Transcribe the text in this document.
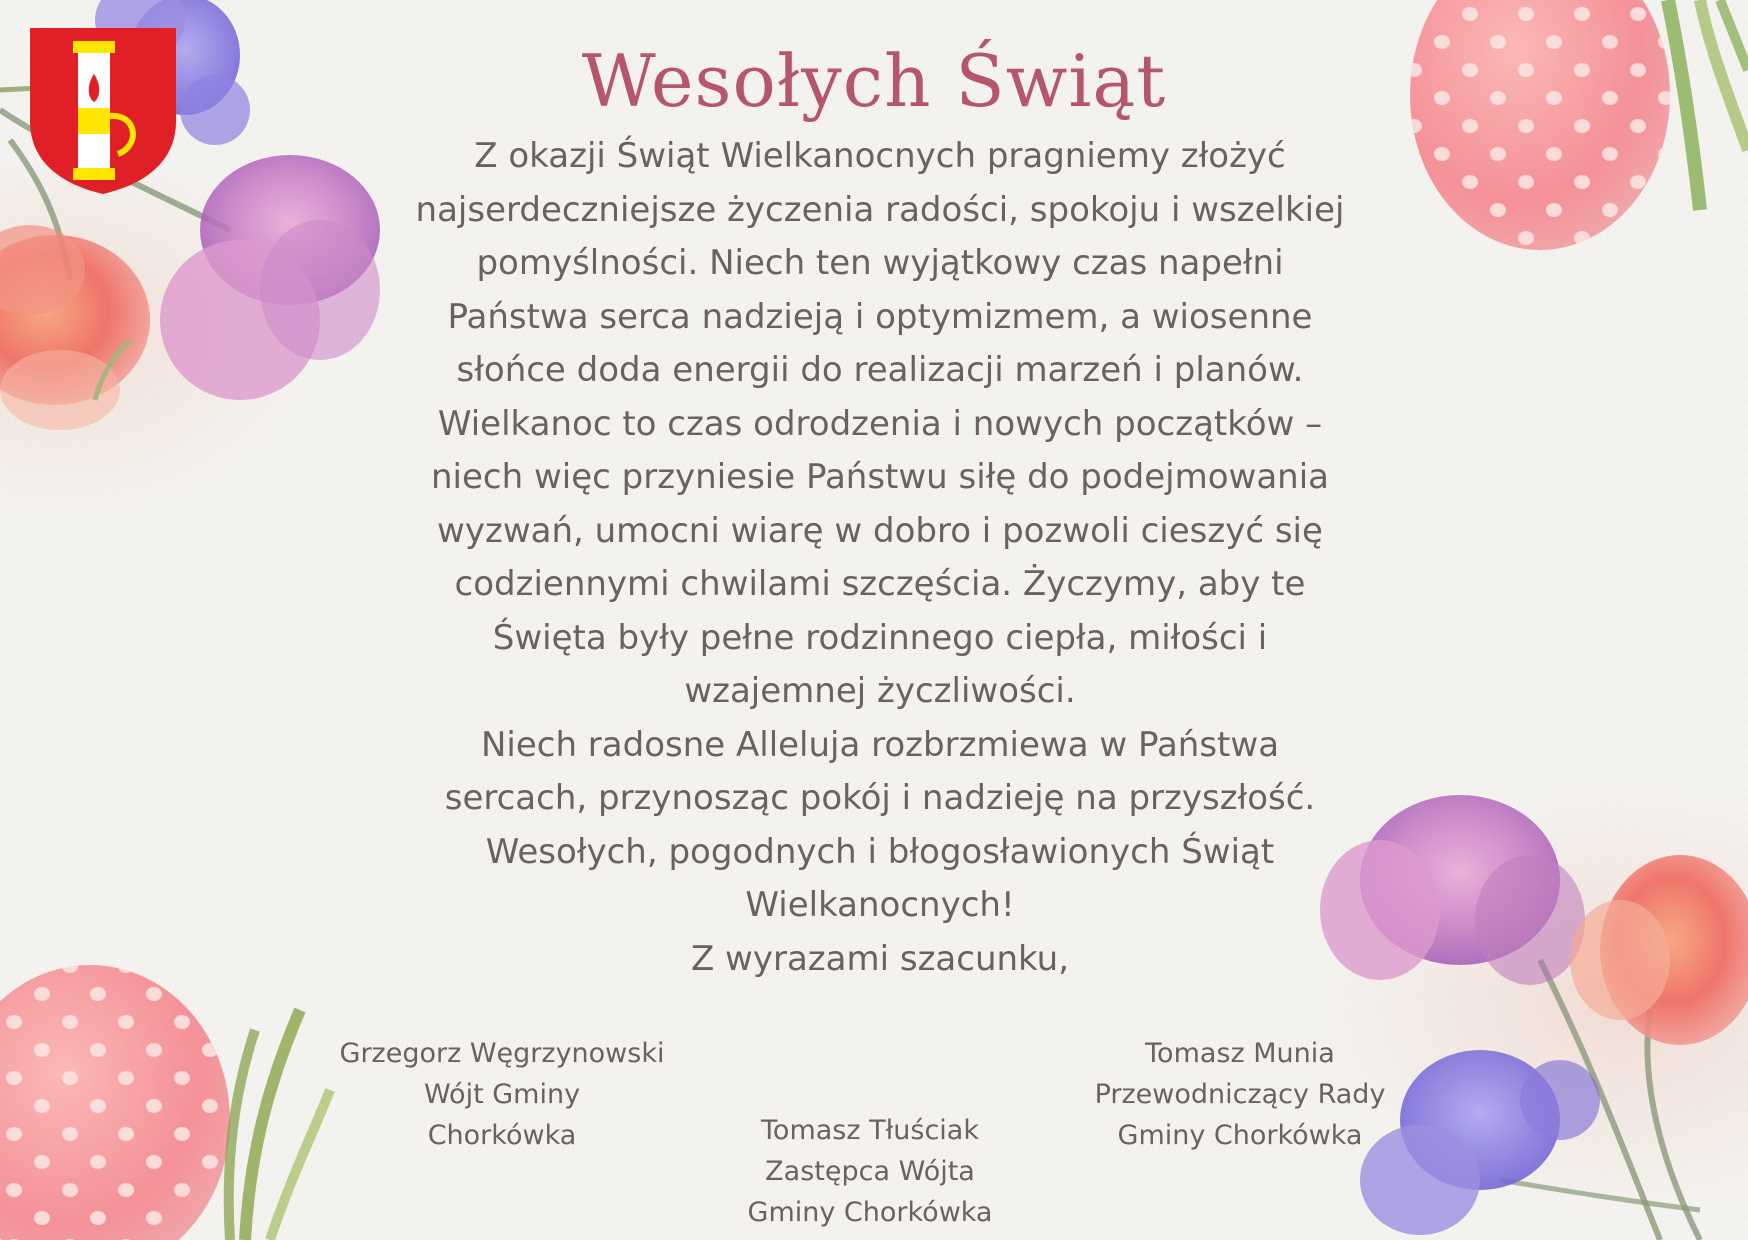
Wesołych Świąt

Z okazji Świąt Wielkanocnych pragniemy złożyć

najserdeczniejsze życzenia radości, spokoju i wszelkiej

pomyślności. Niech ten wyjątkowy czas napełni

Państwa serca nadzieją i optymizmem, a wiosenne

słońce doda energii do realizacji marzeń i planów.

Wielkanoc to czas odrodzenia i nowych początków –

niech więc przyniesie Państwu siłę do podejmowania

wyzwań, umocni wiarę w dobro i pozwoli cieszyć się

codziennymi chwilami szczęścia. Życzymy, aby te

Święta były pełne rodzinnego ciepła, miłości i

wzajemnej życzliwości.

Niech radosne Alleluja rozbrzmiewa w Państwa

sercach, przynosząc pokój i nadzieję na przyszłość.

Wesołych, pogodnych i błogosławionych Świąt

Wielkanocnych!

Z wyrazami szacunku,

Grzegorz Węgrzynowski
Wójt Gminy
Chorkówka	Tomasz Tłuściak
Zastępca Wójta
Gminy Chorkówka
Tomasz Munia
Przewodniczący Rady
Gminy Chorkówka
